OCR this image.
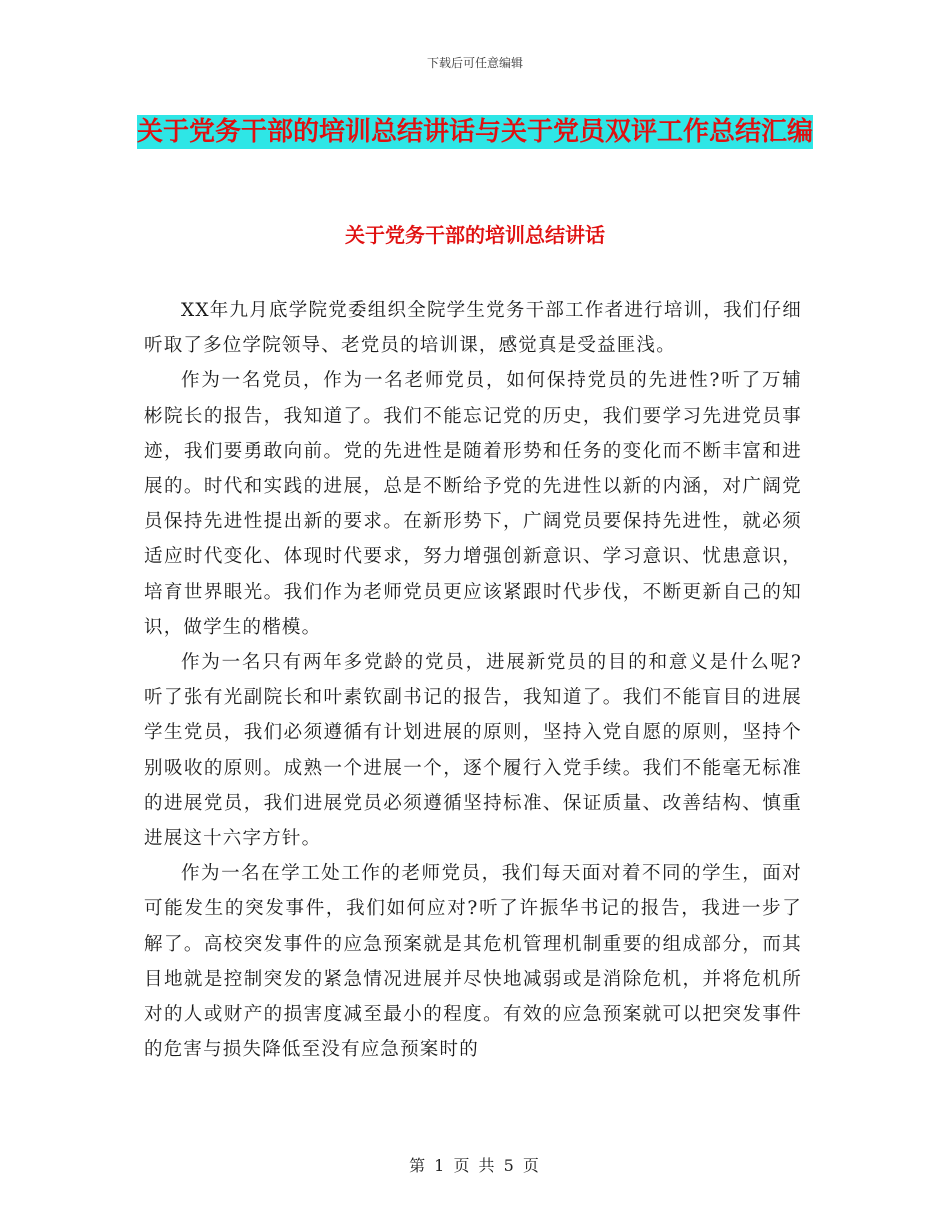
下载后可任意编辑
关于党务干部的培训总结讲话与关于党员双评工作总结汇编
关于党务干部的培训总结讲话

XX年九月底学院党委组织全院学生党务干部工作者进行培训，我们仔细听取了多位学院领导、老党员的培训课，感觉真是受益匪浅。

作为一名党员，作为一名老师党员，如何保持党员的先进性?听了万辅彬院长的报告，我知道了。我们不能忘记党的历史，我们要学习先进党员事迹，我们要勇敢向前。党的先进性是随着形势和任务的变化而不断丰富和进展的。时代和实践的进展，总是不断给予党的先进性以新的内涵，对广阔党员保持先进性提出新的要求。在新形势下，广阔党员要保持先进性，就必须适应时代变化、体现时代要求，努力增强创新意识、学习意识、忧患意识，培育世界眼光。我们作为老师党员更应该紧跟时代步伐，不断更新自己的知识，做学生的楷模。

作为一名只有两年多党龄的党员，进展新党员的目的和意义是什么呢?听了张有光副院长和叶素钦副书记的报告，我知道了。我们不能盲目的进展学生党员，我们必须遵循有计划进展的原则，坚持入党自愿的原则，坚持个别吸收的原则。成熟一个进展一个，逐个履行入党手续。我们不能毫无标准的进展党员，我们进展党员必须遵循坚持标准、保证质量、改善结构、慎重进展这十六字方针。

作为一名在学工处工作的老师党员，我们每天面对着不同的学生，面对可能发生的突发事件，我们如何应对?听了许振华书记的报告，我进一步了解了。高校突发事件的应急预案就是其危机管理机制重要的组成部分，而其目地就是控制突发的紧急情况进展并尽快地减弱或是消除危机，并将危机所对的人或财产的损害度减至最小的程度。有效的应急预案就可以把突发事件的危害与损失降低至没有应急预案时的

第 1 页 共 5 页
